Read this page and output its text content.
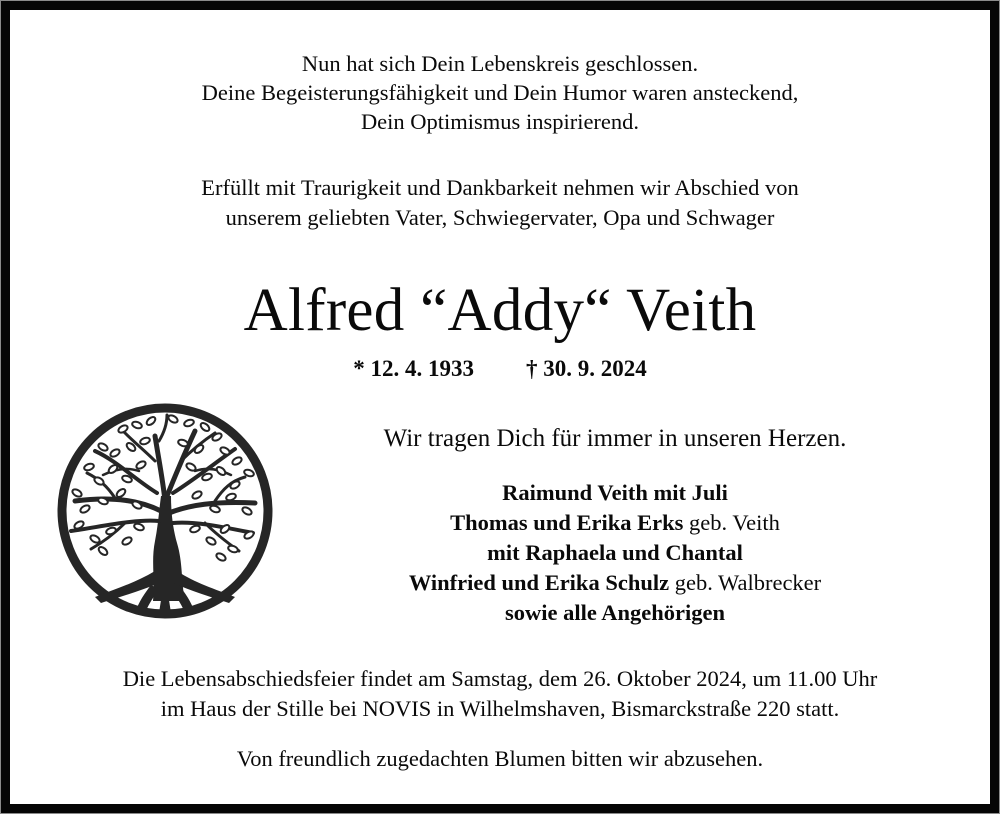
Nun hat sich Dein Lebenskreis geschlossen.
Deine Begeisterungsfähigkeit und Dein Humor waren ansteckend,
Dein Optimismus inspirierend.
Erfüllt mit Traurigkeit und Dankbarkeit nehmen wir Abschied von
unserem geliebten Vater, Schwiegervater, Opa und Schwager
Alfred “Addy“ Veith
* 12. 4. 1933 † 30. 9. 2024
Wir tragen Dich für immer in unseren Herzen.
Raimund Veith mit Juli
Thomas und Erika Erks geb. Veith
mit Raphaela und Chantal
Winfried und Erika Schulz geb. Walbrecker
sowie alle Angehörigen
Die Lebensabschiedsfeier findet am Samstag, dem 26. Oktober 2024, um 11.00 Uhr
im Haus der Stille bei NOVIS in Wilhelmshaven, Bismarckstraße 220 statt.
Von freundlich zugedachten Blumen bitten wir abzusehen.
